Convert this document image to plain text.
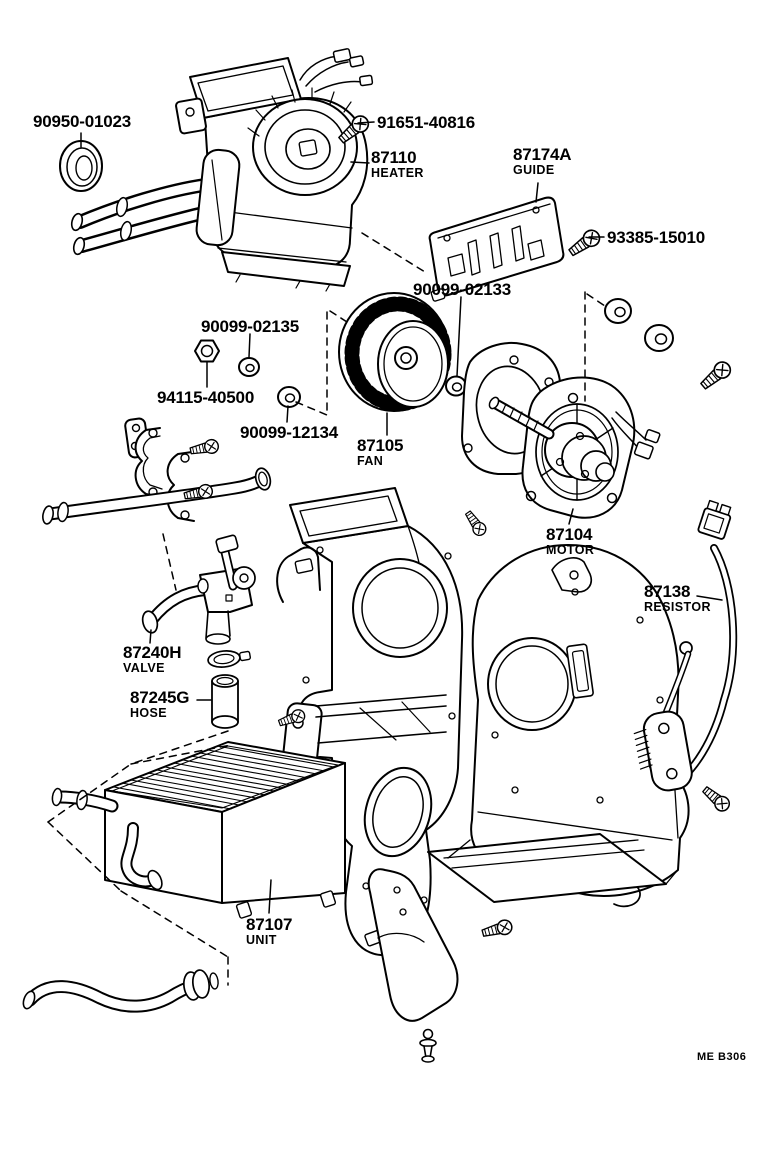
90950-01023	91651-40816
87110
HEATER
87174A
GUIDE
93385-15010
90099-02133
90099-02135
94115-40500
90099-12134
87105
FAN
87104
MOTOR
87138
RESISTOR
87240H
VALVE
87245G
HOSE
87107
UNIT
ME B306
